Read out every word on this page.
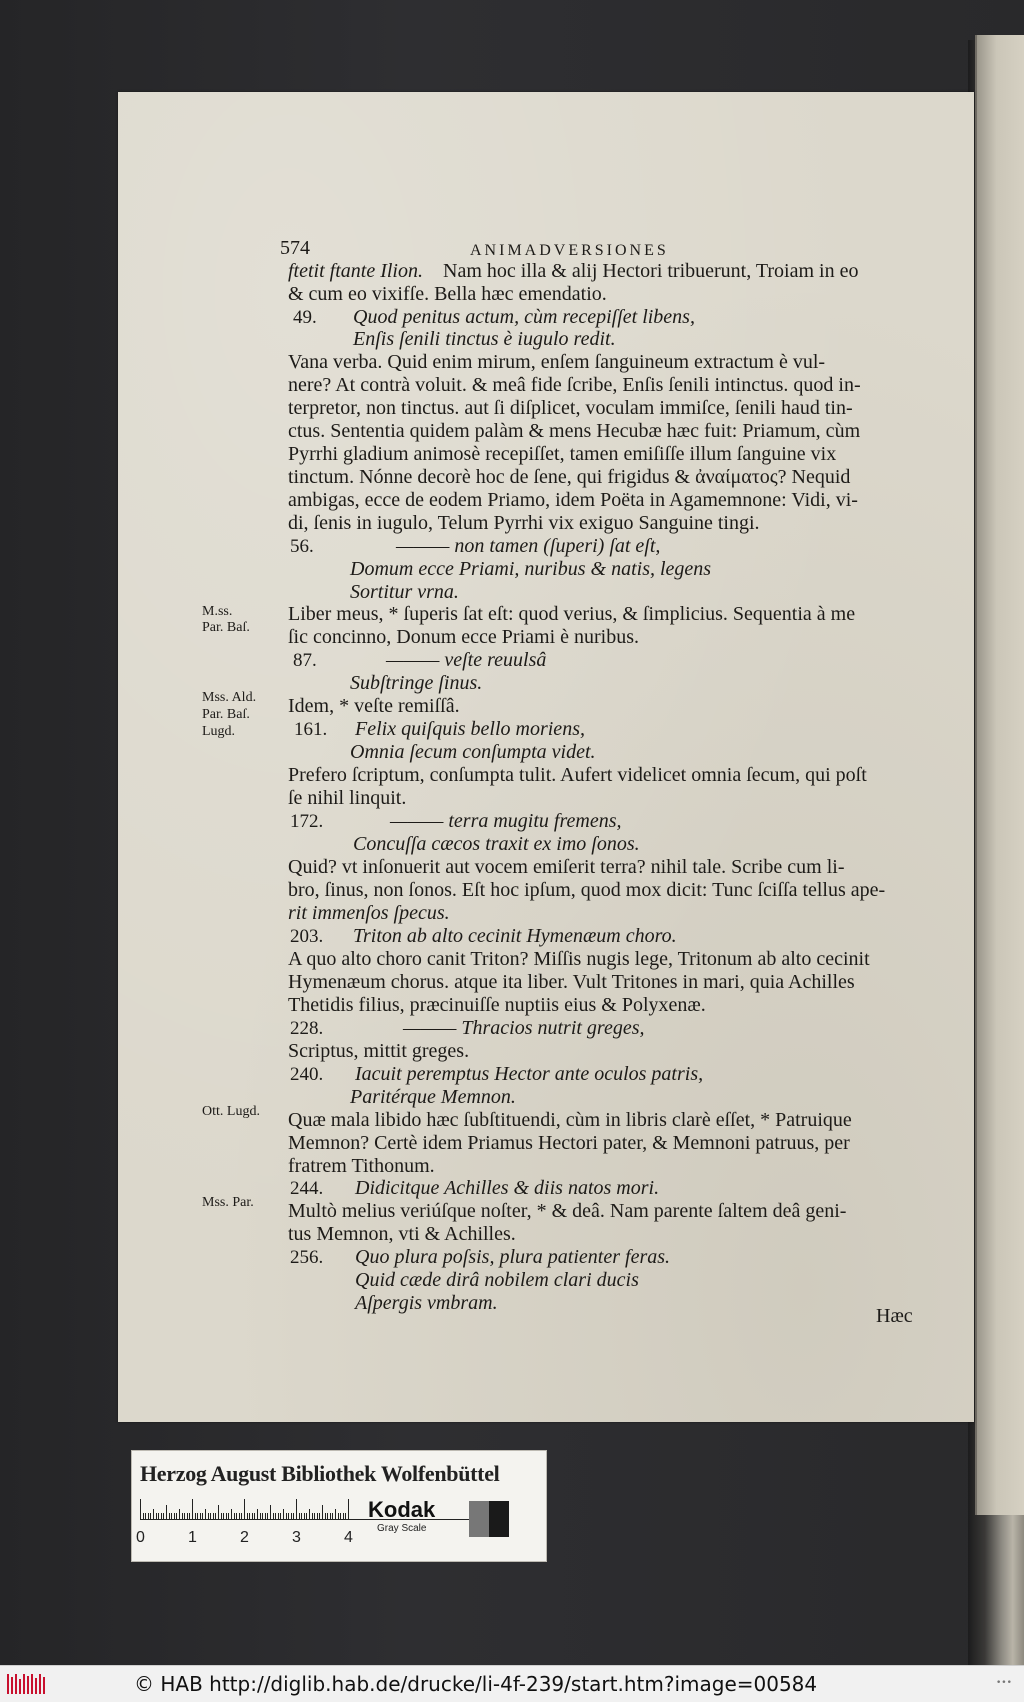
574	ANIMADVERSIONES
ftetit ftante Ilion. Nam hoc illa & alij Hectori tribuerunt, Troiam in eo
& cum eo vixifſe. Bella hæc emendatio.
49. Quod penitus actum, cùm recepiſſet libens,
Enſis ſenili tinctus è iugulo redit.
Vana verba. Quid enim mirum, enſem ſanguineum extractum è vul-
nere? At contrà voluit. & meâ fide ſcribe, Enſis ſenili intinctus. quod in-
terpretor, non tinctus. aut ſi diſplicet, voculam immiſce, ſenili haud tin-
ctus. Sententia quidem palàm & mens Hecubæ hæc fuit: Priamum, cùm
Pyrrhi gladium animosè recepiſſet, tamen emiſiſſe illum ſanguine vix
tinctum. Nónne decorè hoc de ſene, qui frigidus & ἀναίματος? Nequid
ambigas, ecce de eodem Priamo, idem Poëta in Agamemnone: Vidi, vi-
di, ſenis in iugulo, Telum Pyrrhi vix exiguo Sanguine tingi.
56.	——— non tamen (ſuperi) ſat eſt,
Domum ecce Priami, nuribus & natis, legens
Sortitur vrna.
Liber meus, * ſuperis ſat eſt: quod verius, & ſimplicius. Sequentia à me
ſic concinno, Donum ecce Priami è nuribus.
87.	——— veſte reuulsâ
Subſtringe ſinus.
Idem, * veſte remiſſâ.
161. Felix quiſquis bello moriens,
Omnia ſecum conſumpta videt.
Prefero ſcriptum, conſumpta tulit. Aufert videlicet omnia ſecum, qui poſt
ſe nihil linquit.
172.	——— terra mugitu fremens,
Concuſſa cæcos traxit ex imo ſonos.
Quid? vt inſonuerit aut vocem emiſerit terra? nihil tale. Scribe cum li-
bro, ſinus, non ſonos. Eſt hoc ipſum, quod mox dicit: Tunc ſciſſa tellus ape-
rit immenſos ſpecus.
203. Triton ab alto cecinit Hymenæum choro.
A quo alto choro canit Triton? Miſſis nugis lege, Tritonum ab alto cecinit
Hymenæum chorus. atque ita liber. Vult Tritones in mari, quia Achilles
Thetidis filius, præcinuiſſe nuptiis eius & Polyxenæ.
228.	——— Thracios nutrit greges,
Scriptus, mittit greges.
240. Iacuit peremptus Hector ante oculos patris,
Paritérque Memnon.
Quæ mala libido hæc ſubſtituendi, cùm in libris clarè eſſet, * Patruique
Memnon? Certè idem Priamus Hectori pater, & Memnoni patruus, per
fratrem Tithonum.
244. Didicitque Achilles & diis natos mori.
Multò melius veriúſque noſter, * & deâ. Nam parente ſaltem deâ geni-
tus Memnon, vti & Achilles.
256. Quo plura poſsis, plura patienter feras.
Quid cæde dirâ nobilem clari ducis
Aſpergis vmbram.
M.ss.
Par. Baſ.
Mss. Ald.
Par. Baſ.
Lugd.
Ott. Lugd.
Mss. Par.
Hæc
Herzog August Bibliothek Wolfenbüttel
0	1	2	3	4
Kodak
Gray Scale
© HAB http://diglib.hab.de/drucke/li-4f-239/start.htm?image=00584	•••
